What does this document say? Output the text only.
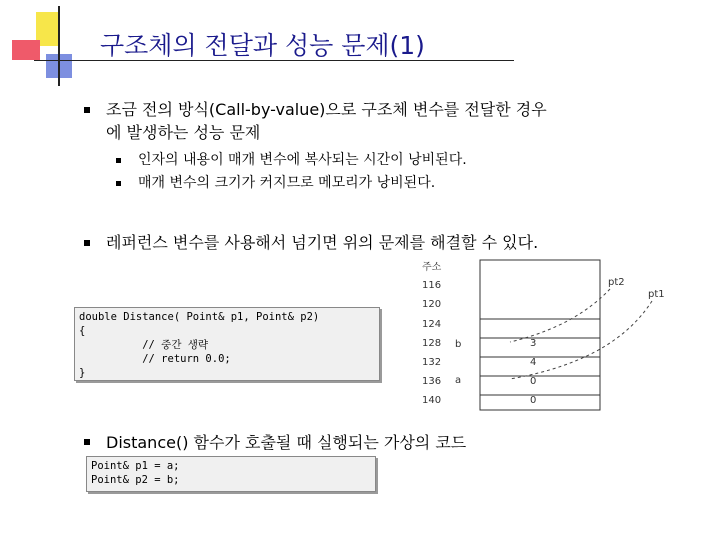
구조체의 전달과 성능 문제(1)
조금 전의 방식(Call-by-value)으로 구조체 변수를 전달한 경우
에 발생하는 성능 문제
인자의 내용이 매개 변수에 복사되는 시간이 낭비된다.
매개 변수의 크기가 커지므로 메모리가 낭비된다.
레퍼런스 변수를 사용해서 넘기면 위의 문제를 해결할 수 있다.
double Distance( Point& p1, Point& p2)
{
// 중간 생략
// return 0.0;
}
주소
116
120
124
128
132
136
140
b
a
3
4
0
0
pt2
pt1
Distance() 함수가 호출될 때 실행되는 가상의 코드
Point& p1 = a;
Point& p2 = b;
